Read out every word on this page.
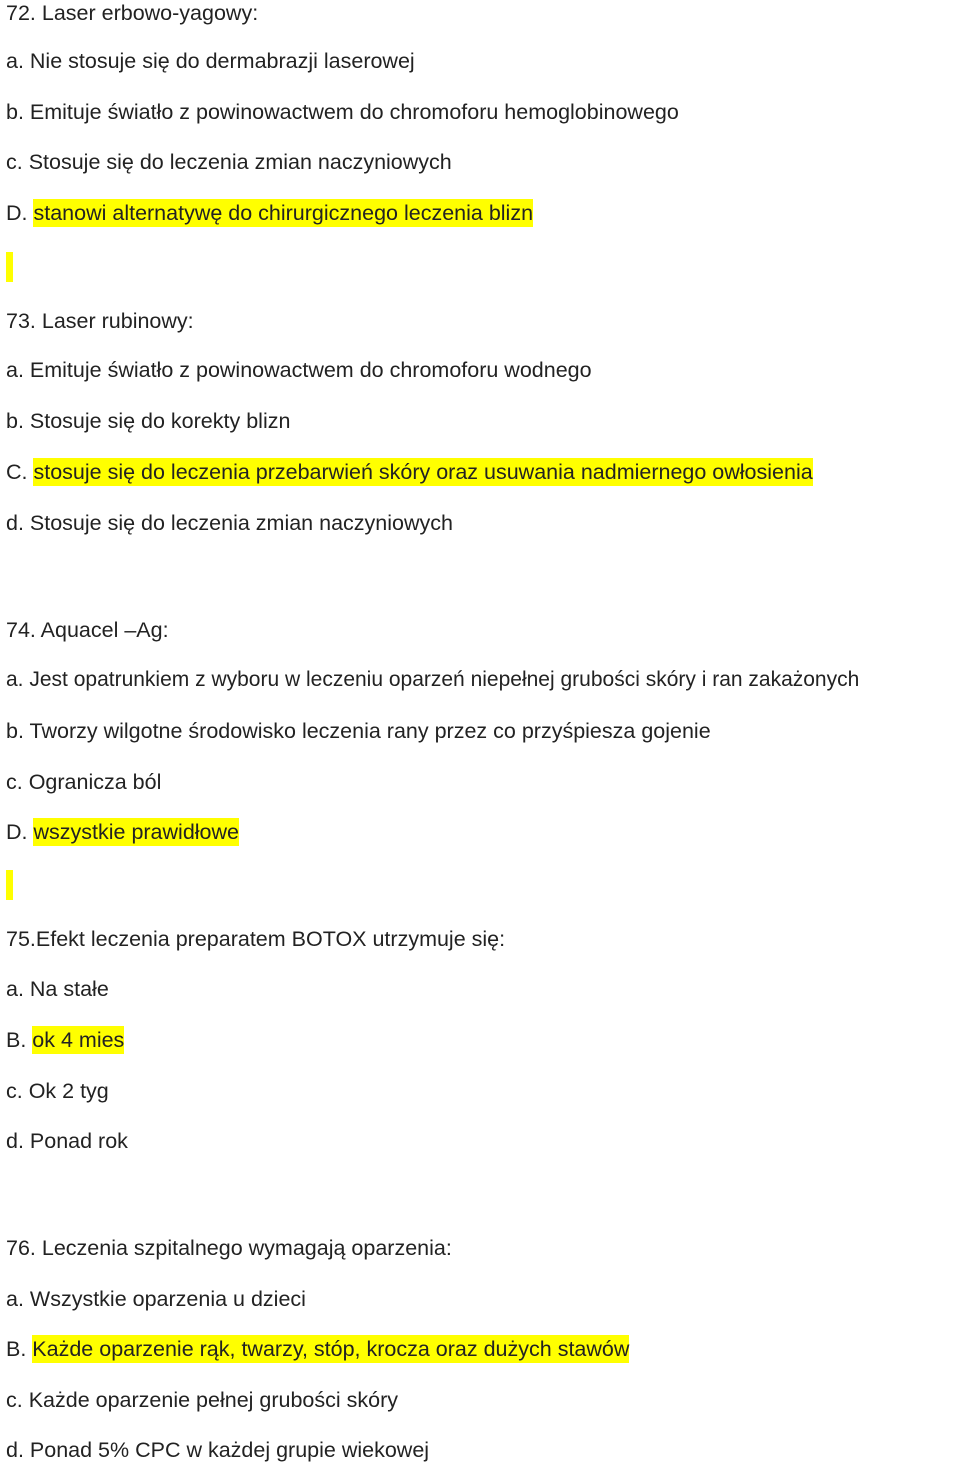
72. Laser erbowo-yagowy:
a. Nie stosuje się do dermabrazji laserowej
b. Emituje światło z powinowactwem do chromoforu hemoglobinowego
c. Stosuje się do leczenia zmian naczyniowych
D. stanowi alternatywę do chirurgicznego leczenia blizn
73. Laser rubinowy:
a. Emituje światło z powinowactwem do chromoforu wodnego
b. Stosuje się do korekty blizn
C. stosuje się do leczenia przebarwień skóry oraz usuwania nadmiernego owłosienia
d. Stosuje się do leczenia zmian naczyniowych
74. Aquacel –Ag:
a. Jest opatrunkiem z wyboru w leczeniu oparzeń niepełnej grubości skóry i ran zakażonych
b. Tworzy wilgotne środowisko leczenia rany przez co przyśpiesza gojenie
c. Ogranicza ból
D. wszystkie prawidłowe
75.Efekt leczenia preparatem BOTOX utrzymuje się:
a. Na stałe
B. ok 4 mies
c. Ok 2 tyg
d. Ponad rok
76. Leczenia szpitalnego wymagają oparzenia:
a. Wszystkie oparzenia u dzieci
B. Każde oparzenie rąk, twarzy, stóp, krocza oraz dużych stawów
c. Każde oparzenie pełnej grubości skóry
d. Ponad 5% CPC w każdej grupie wiekowej
